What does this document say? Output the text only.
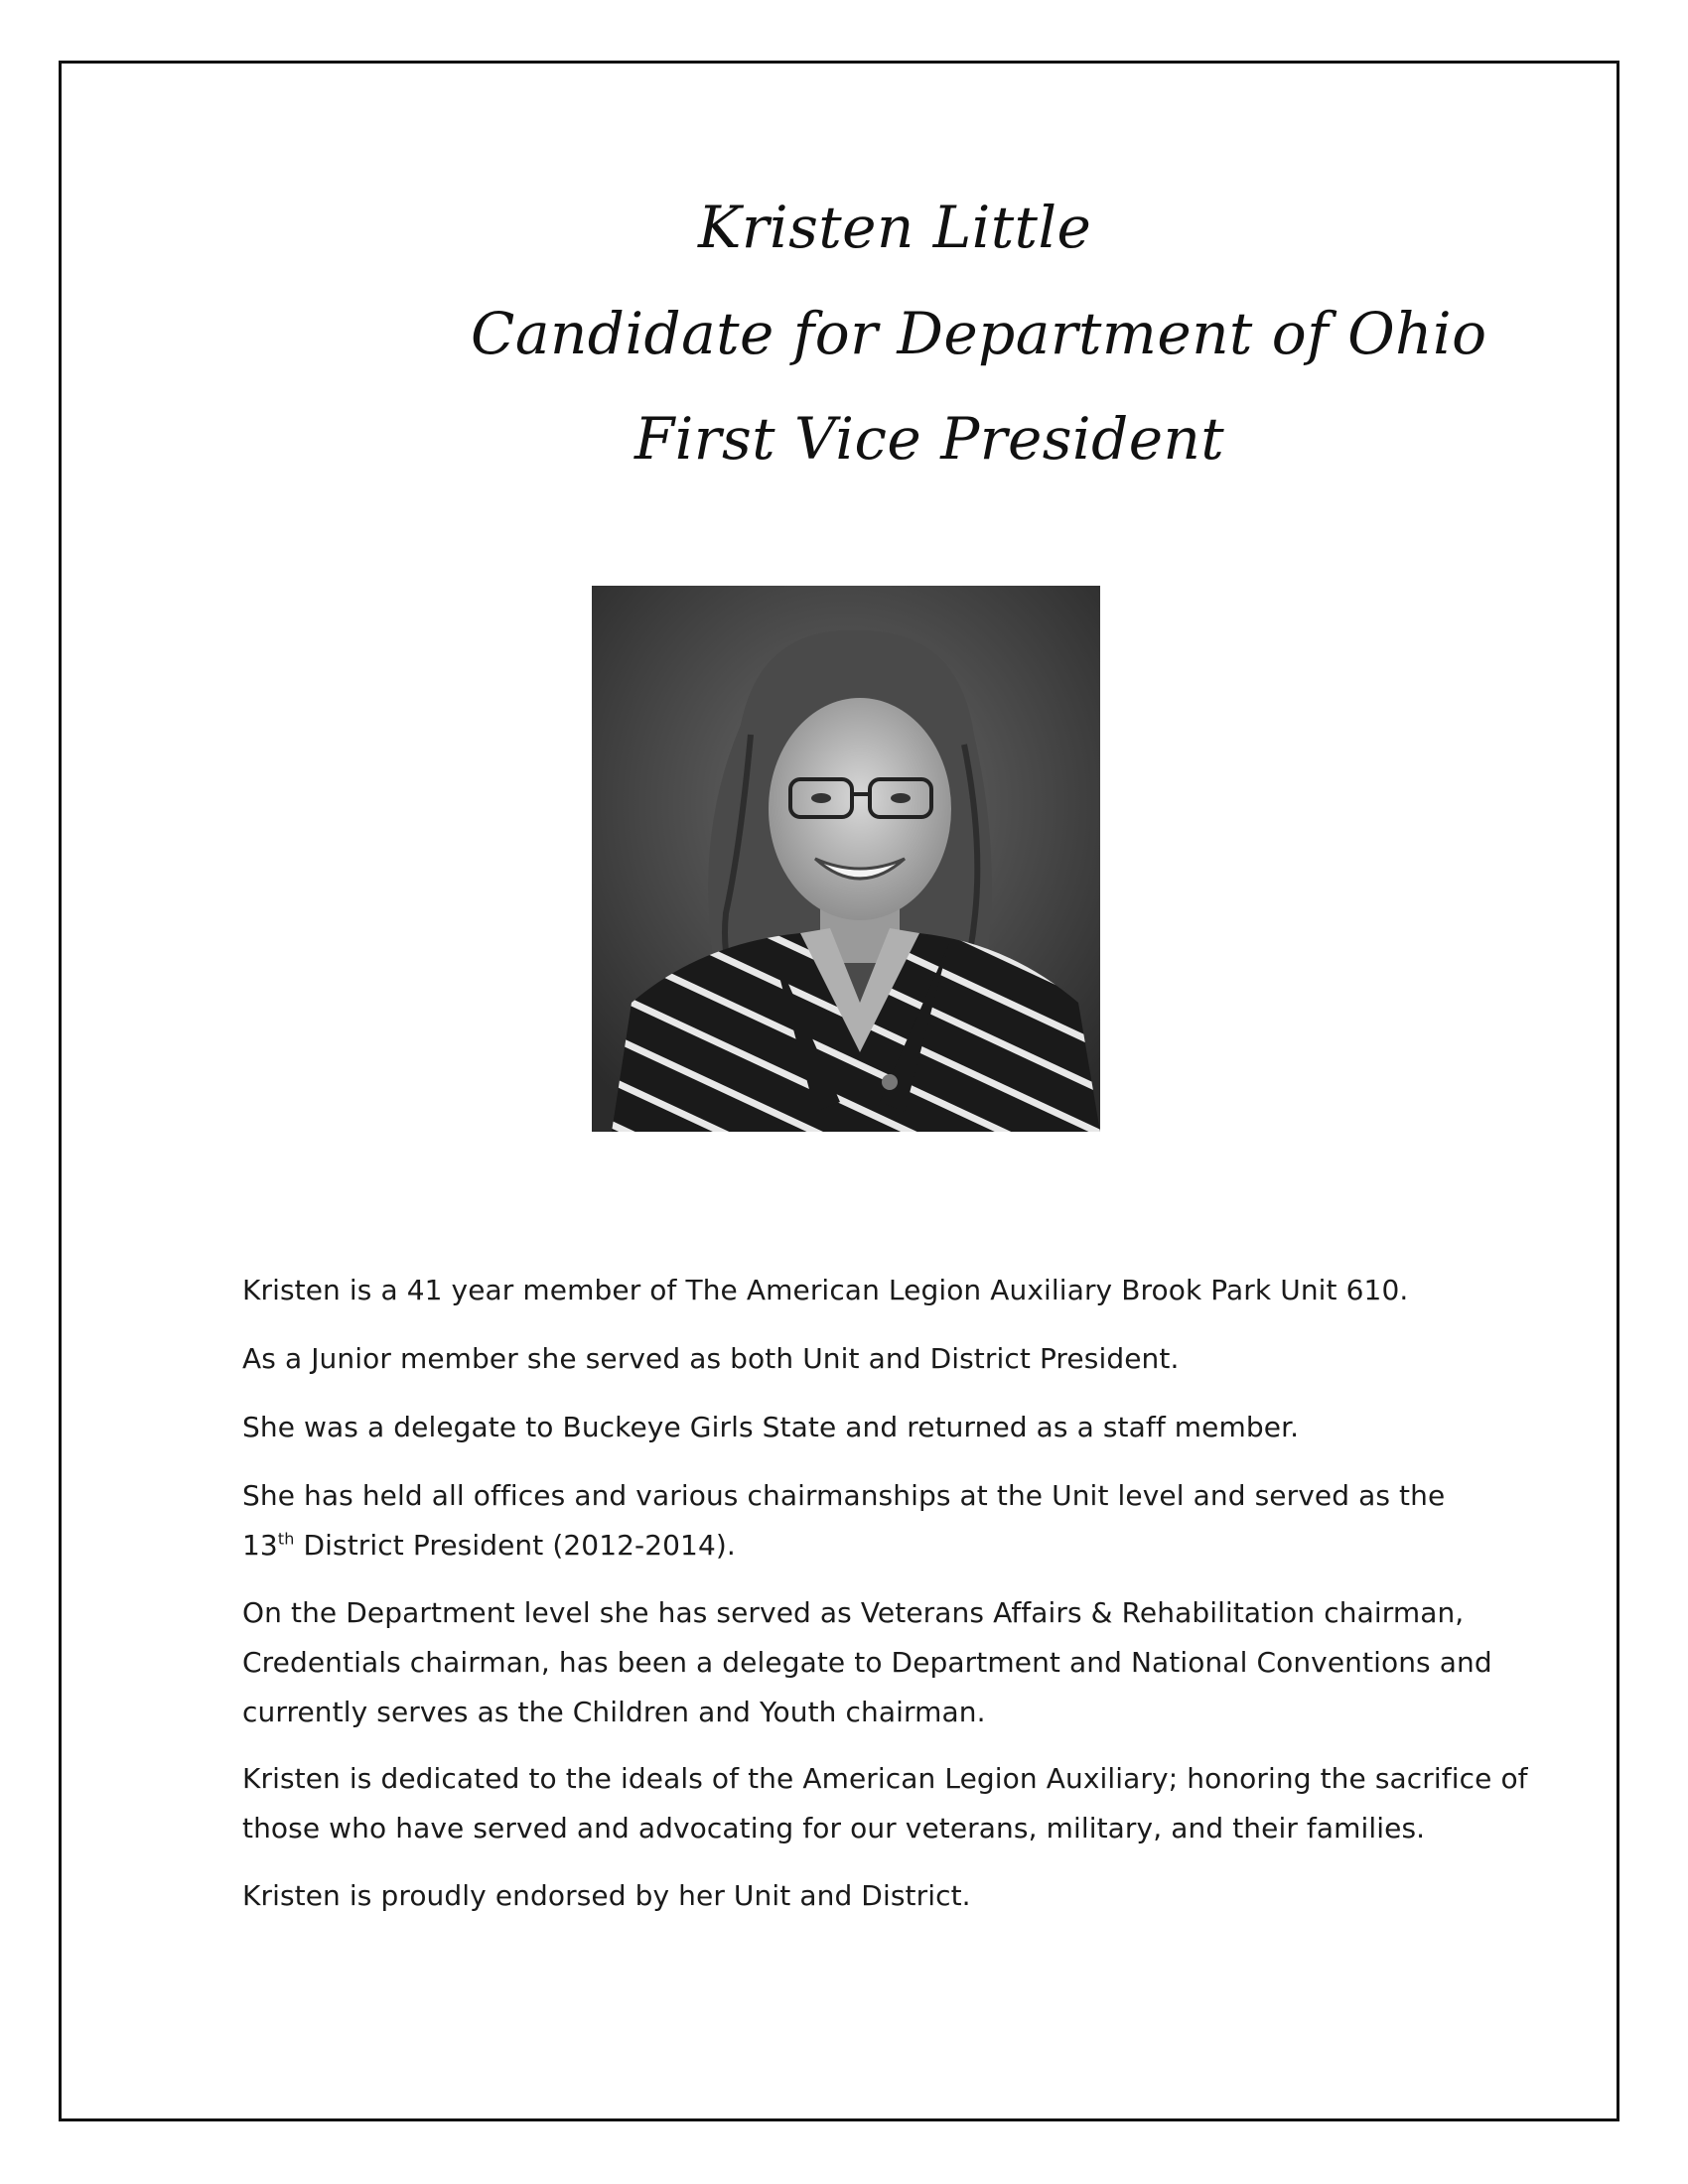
Kristen Little
Candidate for Department of Ohio
First Vice President

Kristen is a 41 year member of The American Legion Auxiliary Brook Park Unit 610.

As a Junior member she served as both Unit and District President.

She was a delegate to Buckeye Girls State and returned as a staff member.

She has held all offices and various chairmanships at the Unit level and served as the
13th District President (2012-2014).

On the Department level she has served as Veterans Affairs & Rehabilitation chairman, Credentials chairman, has been a delegate to Department and National Conventions and currently serves as the Children and Youth chairman.

Kristen is dedicated to the ideals of the American Legion Auxiliary; honoring the sacrifice of those who have served and advocating for our veterans, military, and their families.

Kristen is proudly endorsed by her Unit and District.
